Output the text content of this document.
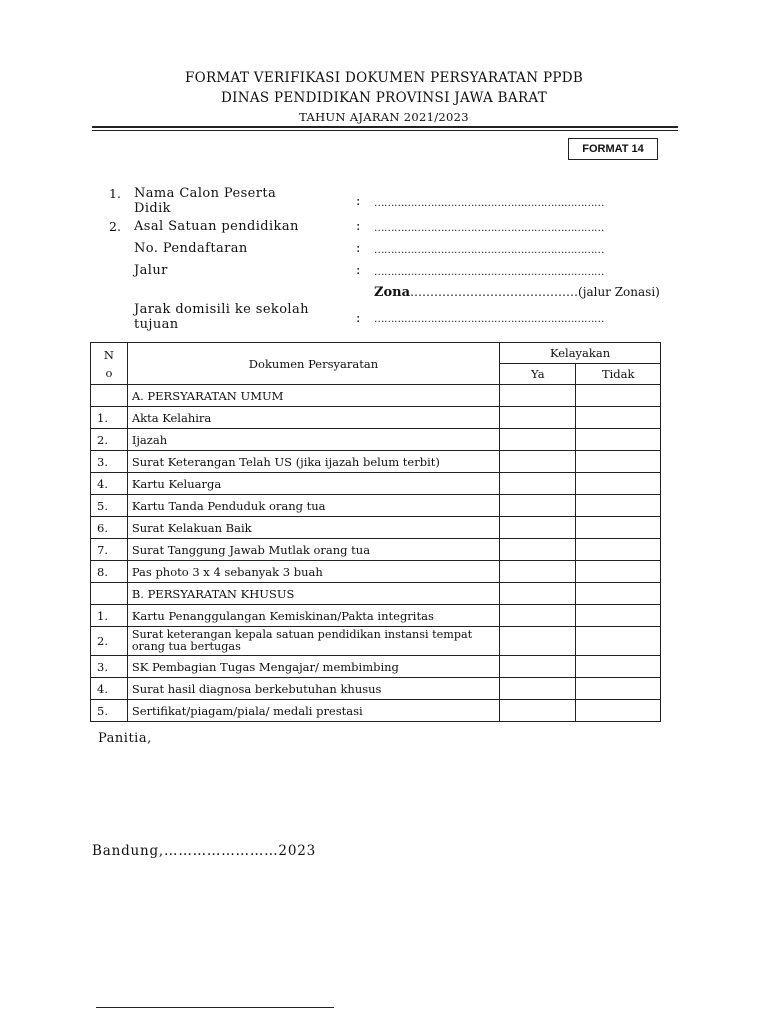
FORMAT VERIFIKASI DOKUMEN PERSYARATAN PPDB
DINAS PENDIDIKAN PROVINSI JAWA BARAT
TAHUN AJARAN 2021/2023
FORMAT 14
1. Nama Calon Peserta Didik	: ……………………………………………………………
2. Asal Satuan pendidikan	: ……………………………………………………………
No. Pendaftaran	: ……………………………………………………………
Jalur	: ……………………………………………………………
Zona……………………………………(jalur Zonasi)
Jarak domisili ke sekolah tujuan	: ……………………………………………………………
N
o	Dokumen Persyaratan	Kelayakan	
		Ya	Tidak
	A. PERSYARATAN UMUM		
1.	Akta Kelahira		
2.	Ijazah		
3.	Surat Keterangan Telah US (jika ijazah belum terbit)		
4.	Kartu Keluarga		
5.	Kartu Tanda Penduduk orang tua		
6.	Surat Kelakuan Baik		
7.	Surat Tanggung Jawab Mutlak orang tua		
8.	Pas photo 3 x 4 sebanyak 3 buah		
	B. PERSYARATAN KHUSUS		
1.	Kartu Penanggulangan Kemiskinan/Pakta integritas		
2.	Surat keterangan kepala satuan pendidikan instansi tempat orang tua bertugas		
3.	SK Pembagian Tugas Mengajar/ membimbing		
4.	Surat hasil diagnosa berkebutuhan khusus		
5.	Sertifikat/piagam/piala/ medali prestasi		
Panitia,
Bandung,……………………2023
